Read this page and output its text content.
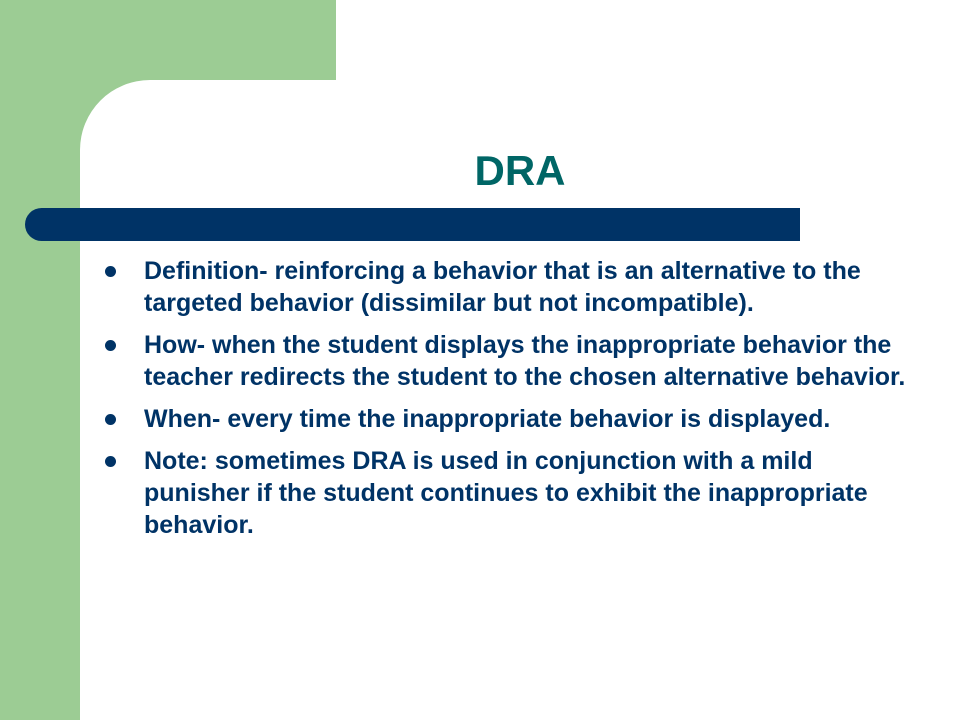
DRA
Definition- reinforcing a behavior that is an alternative to the targeted behavior (dissimilar but not incompatible).
How- when the student displays the inappropriate behavior the teacher redirects the student to the chosen alternative behavior.
When- every time the inappropriate behavior is displayed.
Note: sometimes DRA is used in conjunction with a mild punisher if the student continues to exhibit the inappropriate behavior.
